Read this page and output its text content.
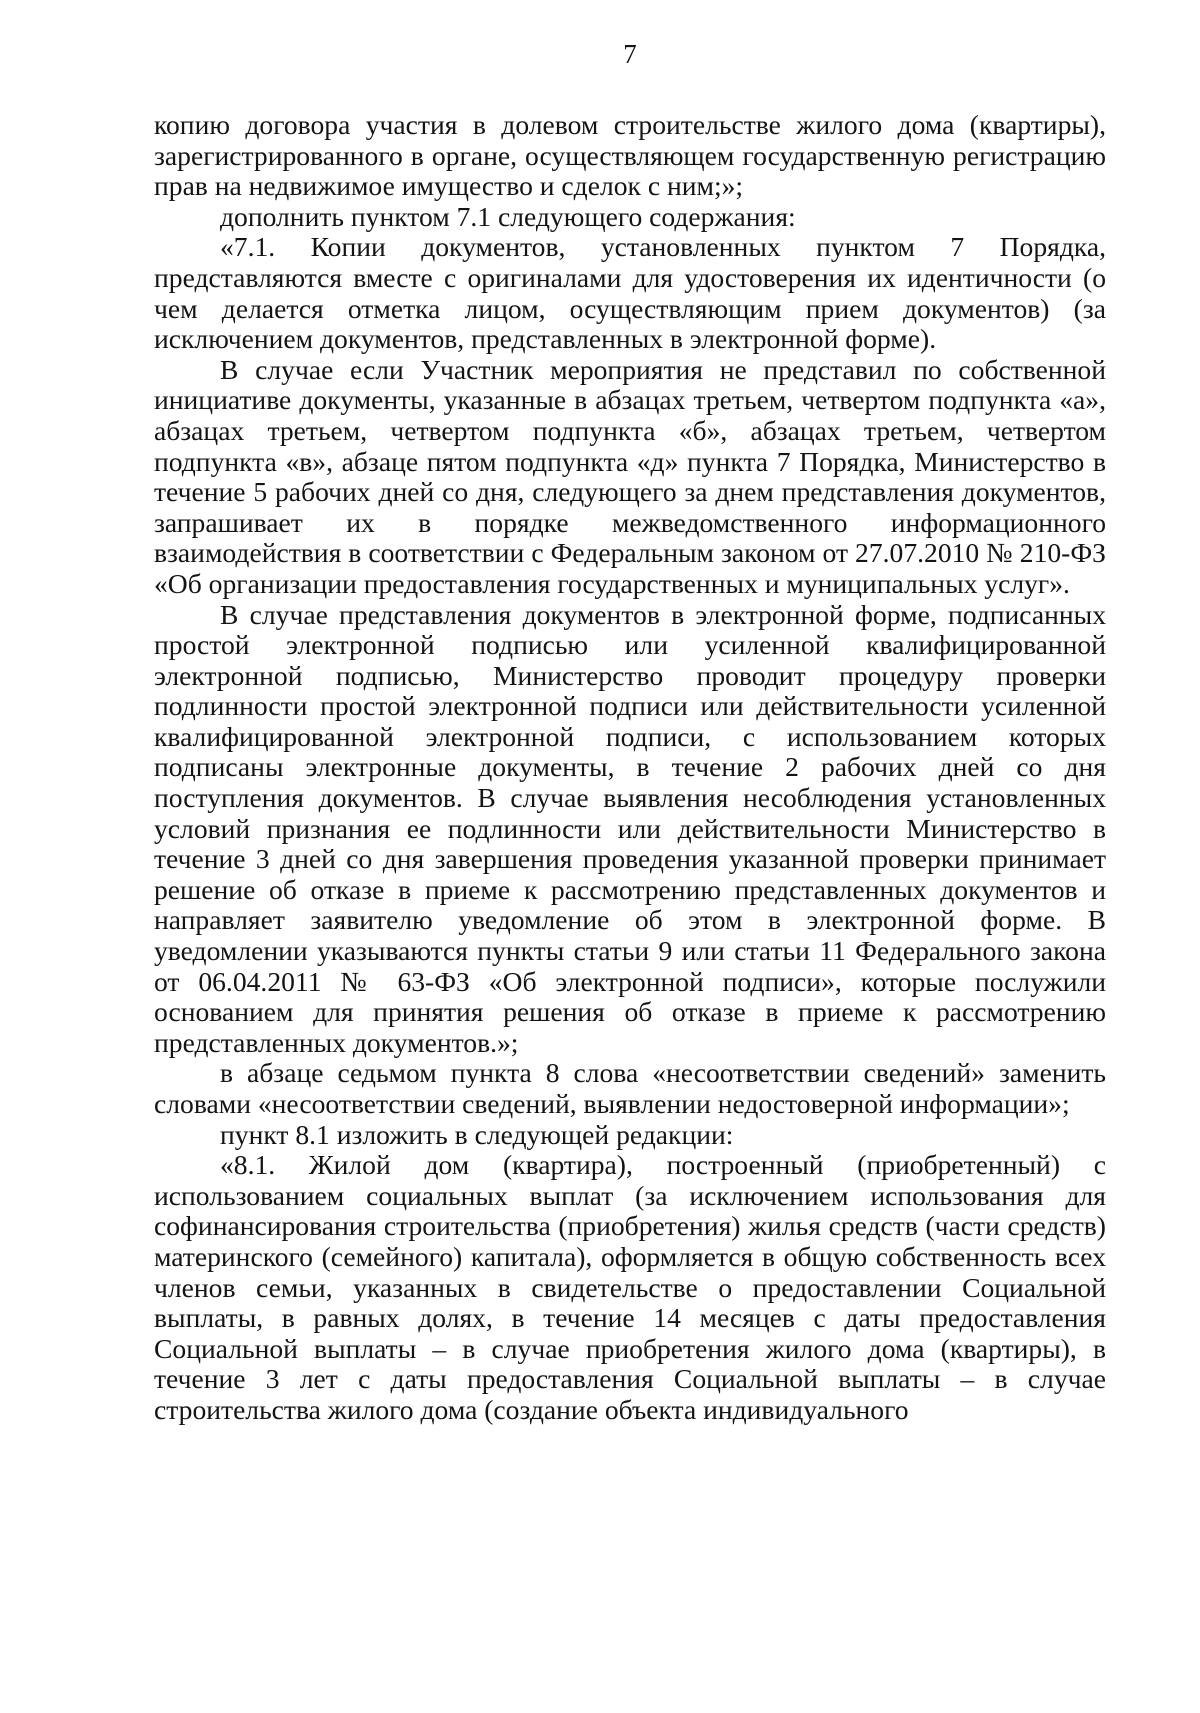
7

копию договора участия в долевом строительстве жилого дома (квартиры), зарегистрированного в органе, осуществляющем государственную регистрацию прав на недвижимое имущество и сделок с ним;»;

дополнить пунктом 7.1 следующего содержания:

«7.1. Копии документов, установленных пунктом 7 Порядка, представляются вместе с оригиналами для удостоверения их идентичности (о чем делается отметка лицом, осуществляющим прием документов) (за исключением документов, представленных в электронной форме).

В случае если Участник мероприятия не представил по собственной инициативе документы, указанные в абзацах третьем, четвертом подпункта «а», абзацах третьем, четвертом подпункта «б», абзацах третьем, четвертом подпункта «в», абзаце пятом подпункта «д» пункта 7 Порядка, Министерство в течение 5 рабочих дней со дня, следующего за днем представления документов, запрашивает их в порядке межведомственного информационного взаимодействия в соответствии с Федеральным законом от 27.07.2010 № 210-ФЗ «Об организации предоставления государственных и муниципальных услуг».

В случае представления документов в электронной форме, подписанных простой электронной подписью или усиленной квалифицированной электронной подписью, Министерство проводит процедуру проверки подлинности простой электронной подписи или действительности усиленной квалифицированной электронной подписи, с использованием которых подписаны электронные документы, в течение 2 рабочих дней со дня поступления документов. В случае выявления несоблюдения установленных условий признания ее подлинности или действительности Министерство в течение 3 дней со дня завершения проведения указанной проверки принимает решение об отказе в приеме к рассмотрению представленных документов и направляет заявителю уведомление об этом в электронной форме. В уведомлении указываются пункты статьи 9 или статьи 11 Федерального закона от 06.04.2011 № 63-ФЗ «Об электронной подписи», которые послужили основанием для принятия решения об отказе в приеме к рассмотрению представленных документов.»;

в абзаце седьмом пункта 8 слова «несоответствии сведений» заменить словами «несоответствии сведений, выявлении недостоверной информации»;

пункт 8.1 изложить в следующей редакции:

«8.1. Жилой дом (квартира), построенный (приобретенный) с использованием социальных выплат (за исключением использования для софинансирования строительства (приобретения) жилья средств (части средств) материнского (семейного) капитала), оформляется в общую собственность всех членов семьи, указанных в свидетельстве о предоставлении Социальной выплаты, в равных долях, в течение 14 месяцев с даты предоставления Социальной выплаты – в случае приобретения жилого дома (квартиры), в течение 3 лет с даты предоставления Социальной выплаты – в случае строительства жилого дома (создание объекта индивидуального
